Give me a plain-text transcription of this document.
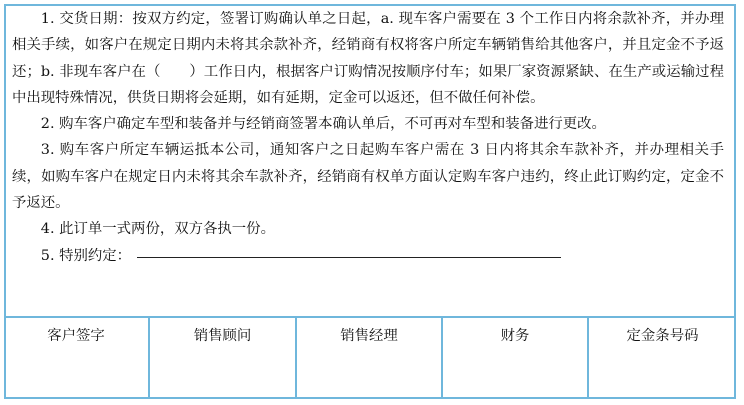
1. 交货日期：按双方约定，签署订购确认单之日起，a. 现车客户需要在 3 个工作日内将余款补齐，并办理相关手续，如客户在规定日期内未将其余款补齐，经销商有权将客户所定车辆销售给其他客户，并且定金不予返还；b. 非现车客户在（　　）工作日内，根据客户订购情况按顺序付车；如果厂家资源紧缺、在生产或运输过程中出现特殊情况，供货日期将会延期，如有延期，定金可以返还，但不做任何补偿。

2. 购车客户确定车型和装备并与经销商签署本确认单后，不可再对车型和装备进行更改。

3. 购车客户所定车辆运抵本公司，通知客户之日起购车客户需在 3 日内将其余车款补齐，并办理相关手续，如购车客户在规定日内未将其余车款补齐，经销商有权单方面认定购车客户违约，终止此订购约定，定金不予返还。

4. 此订单一式两份，双方各执一份。

5. 特别约定：

客户签字	销售顾问	销售经理	财务	定金条号码
